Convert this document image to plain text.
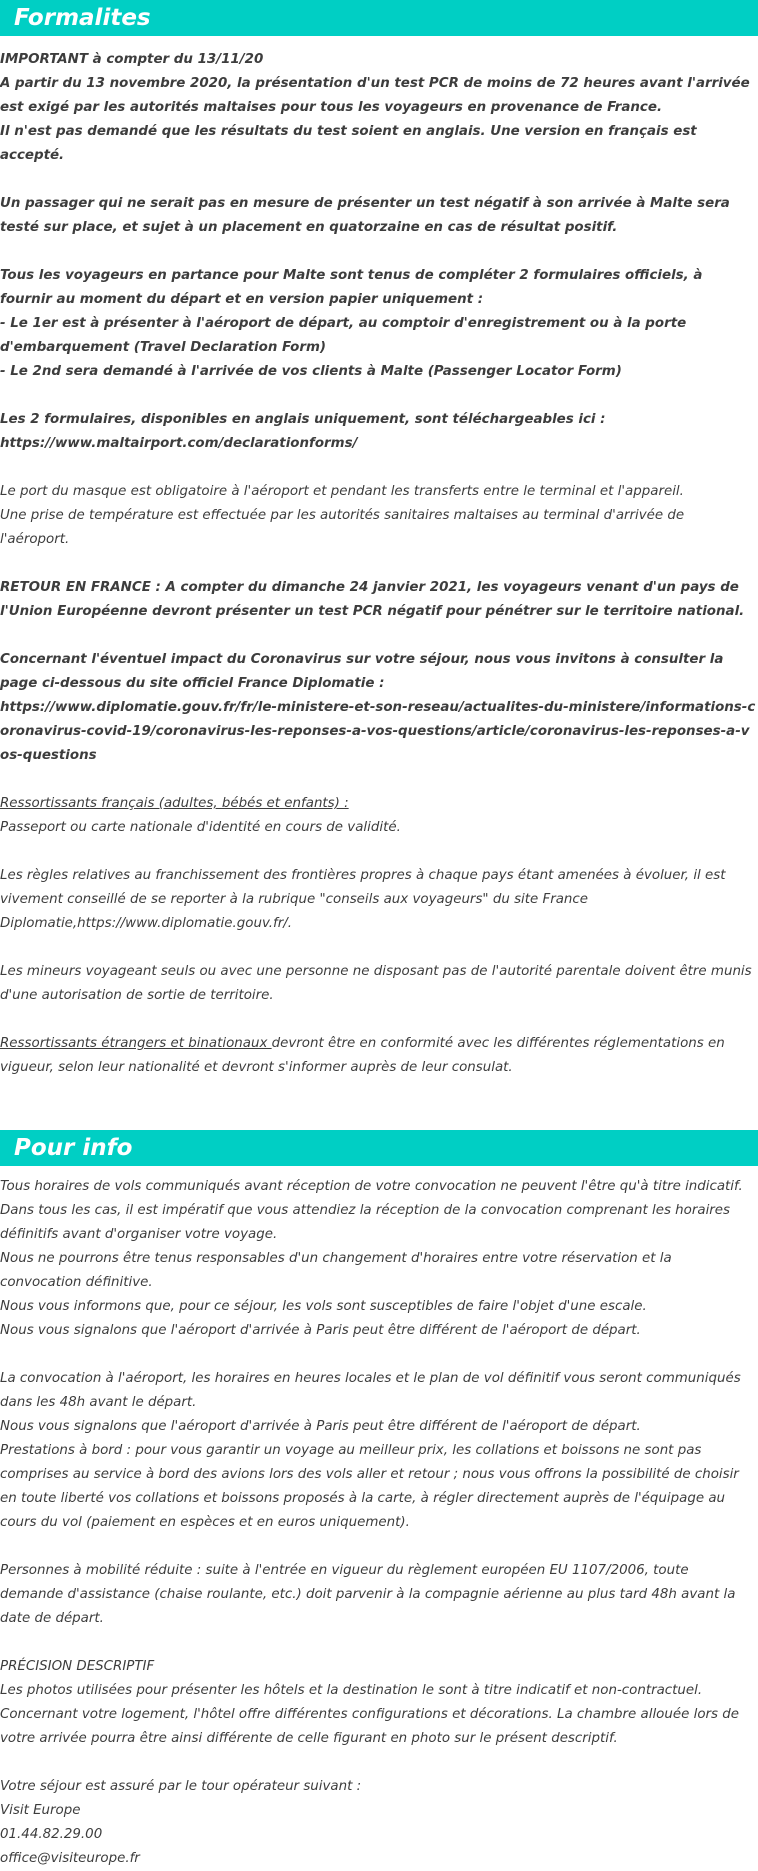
Formalites

IMPORTANT à compter du 13/11/20

A partir du 13 novembre 2020, la présentation d'un test PCR de moins de 72 heures avant l'arrivée est exigé par les autorités maltaises pour tous les voyageurs en provenance de France.

Il n'est pas demandé que les résultats du test soient en anglais. Une version en français est accepté.

Un passager qui ne serait pas en mesure de présenter un test négatif à son arrivée à Malte sera testé sur place, et sujet à un placement en quatorzaine en cas de résultat positif.

Tous les voyageurs en partance pour Malte sont tenus de compléter 2 formulaires officiels, à fournir au moment du départ et en version papier uniquement :

- Le 1er est à présenter à l'aéroport de départ, au comptoir d'enregistrement ou à la porte d'embarquement (Travel Declaration Form)

- Le 2nd sera demandé à l'arrivée de vos clients à Malte (Passenger Locator Form)

Les 2 formulaires, disponibles en anglais uniquement, sont téléchargeables ici :

https://www.maltairport.com/declarationforms/

Le port du masque est obligatoire à l'aéroport et pendant les transferts entre le terminal et l'appareil.

Une prise de température est effectuée par les autorités sanitaires maltaises au terminal d'arrivée de l'aéroport.

RETOUR EN FRANCE : A compter du dimanche 24 janvier 2021, les voyageurs venant d'un pays de l'Union Européenne devront présenter un test PCR négatif pour pénétrer sur le territoire national.

Concernant l'éventuel impact du Coronavirus sur votre séjour, nous vous invitons à consulter la page ci-dessous du site officiel France Diplomatie :

https://www.diplomatie.gouv.fr/fr/le-ministere-et-son-reseau/actualites-du-ministere/informations-coronavirus-covid-19/coronavirus-les-reponses-a-vos-questions/article/coronavirus-les-reponses-a-vos-questions

Ressortissants français (adultes, bébés et enfants) :

Passeport ou carte nationale d'identité en cours de validité.

Les règles relatives au franchissement des frontières propres à chaque pays étant amenées à évoluer, il est vivement conseillé de se reporter à la rubrique "conseils aux voyageurs" du site France Diplomatie,https://www.diplomatie.gouv.fr/.

Les mineurs voyageant seuls ou avec une personne ne disposant pas de l'autorité parentale doivent être munis d'une autorisation de sortie de territoire.

Ressortissants étrangers et binationaux devront être en conformité avec les différentes réglementations en vigueur, selon leur nationalité et devront s'informer auprès de leur consulat.

Pour info

Tous horaires de vols communiqués avant réception de votre convocation ne peuvent l'être qu'à titre indicatif.

Dans tous les cas, il est impératif que vous attendiez la réception de la convocation comprenant les horaires définitifs avant d'organiser votre voyage.

Nous ne pourrons être tenus responsables d'un changement d'horaires entre votre réservation et la convocation définitive.

Nous vous informons que, pour ce séjour, les vols sont susceptibles de faire l'objet d'une escale.

Nous vous signalons que l'aéroport d'arrivée à Paris peut être différent de l'aéroport de départ.

La convocation à l'aéroport, les horaires en heures locales et le plan de vol définitif vous seront communiqués dans les 48h avant le départ.

Nous vous signalons que l'aéroport d'arrivée à Paris peut être différent de l'aéroport de départ.

Prestations à bord : pour vous garantir un voyage au meilleur prix, les collations et boissons ne sont pas comprises au service à bord des avions lors des vols aller et retour ; nous vous offrons la possibilité de choisir en toute liberté vos collations et boissons proposés à la carte, à régler directement auprès de l'équipage au cours du vol (paiement en espèces et en euros uniquement).

Personnes à mobilité réduite : suite à l'entrée en vigueur du règlement européen EU 1107/2006, toute demande d'assistance (chaise roulante, etc.) doit parvenir à la compagnie aérienne au plus tard 48h avant la date de départ.

PRÉCISION DESCRIPTIF

Les photos utilisées pour présenter les hôtels et la destination le sont à titre indicatif et non-contractuel. Concernant votre logement, l'hôtel offre différentes configurations et décorations. La chambre allouée lors de votre arrivée pourra être ainsi différente de celle figurant en photo sur le présent descriptif.

Votre séjour est assuré par le tour opérateur suivant :

Visit Europe

01.44.82.29.00

office@visiteurope.fr
